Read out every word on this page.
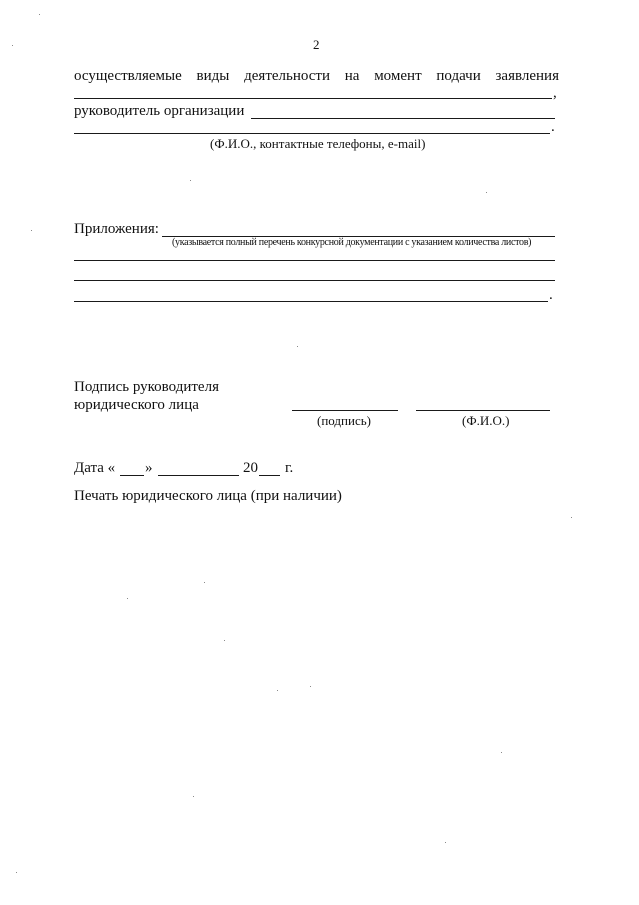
2
осуществляемые виды деятельности на момент подачи заявления
,
руководитель организации
.
(Ф.И.О., контактные телефоны, e-mail)
Приложения:
(указывается полный перечень конкурсной документации с указанием количества листов)
.
Подпись руководителя
юридического лица
(подпись)	(Ф.И.О.)
Дата « »	20 г.
Печать юридического лица (при наличии)
